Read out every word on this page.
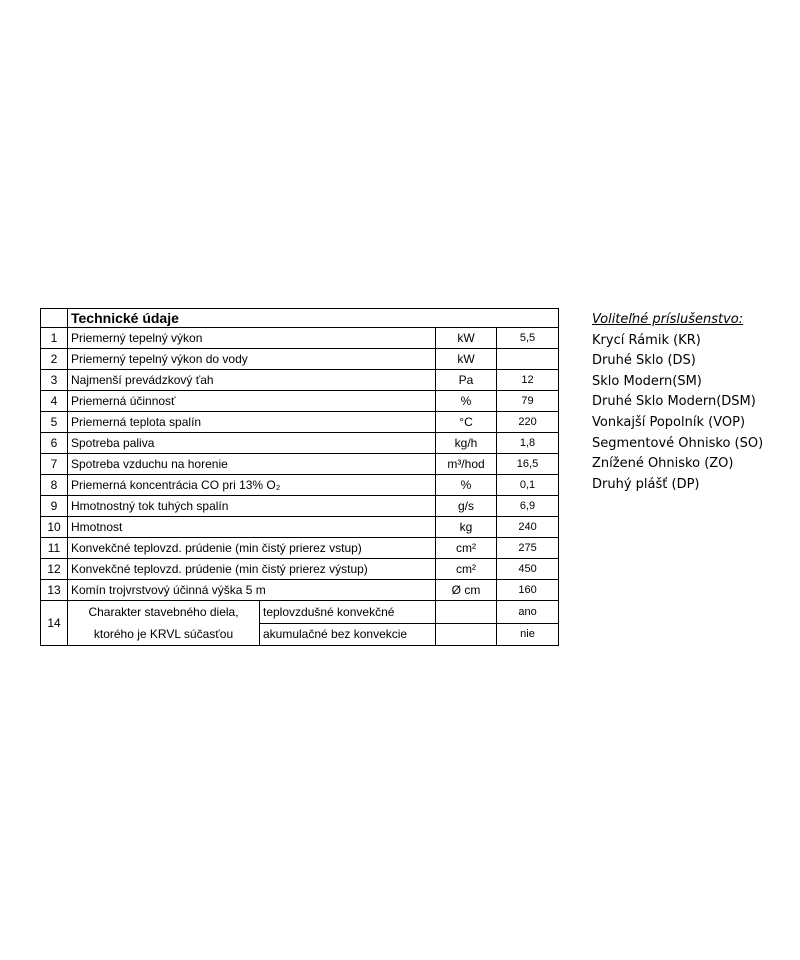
	Technické údaje			
1	Priemerný tepelný výkon		kW	5,5
2	Priemerný tepelný výkon do vody		kW	
3	Najmenší prevádzkový ťah		Pa	12
4	Priemerná účinnosť		%	79
5	Priemerná teplota spalín		°C	220
6	Spotreba paliva		kg/h	1,8
7	Spotreba vzduchu na horenie		m³/hod	16,5
8	Priemerná koncentrácia CO pri 13% O₂		%	0,1
9	Hmotnostný tok tuhých spalín		g/s	6,9
10	Hmotnost		kg	240
11	Konvekčné teplovzd. prúdenie (min čistý prierez vstup)		cm²	275
12	Konvekčné teplovzd. prúdenie (min čistý prierez výstup)		cm²	450
13	Komín trojvrstvový účinná výška 5 m		Ø cm	160
14	Charakter stavebného diela,
ktorého je KRVL súčasťou	teplovzdušné konvekčné		ano
		akumulačné bez konvekcie		nie
Voliteľné príslušenstvo:
Krycí Rámik (KR)
Druhé Sklo (DS)
Sklo Modern(SM)
Druhé Sklo Modern(DSM)
Vonkajší Popolník (VOP)
Segmentové Ohnisko (SO)
Znížené Ohnisko (ZO)
Druhý plášť (DP)
